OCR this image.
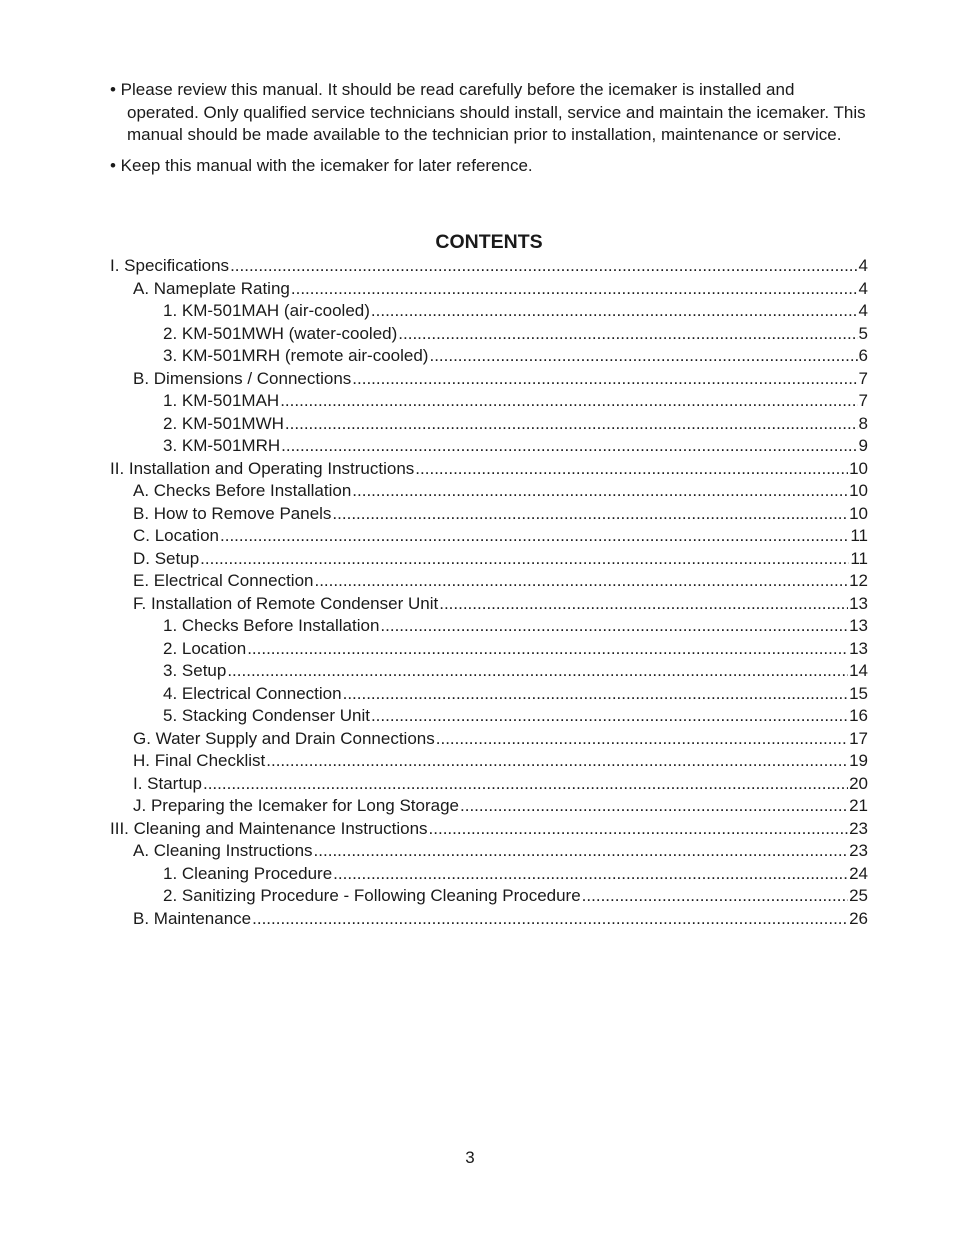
• Please review this manual. It should be read carefully before the icemaker is installed and operated. Only qualified service technicians should install, service and maintain the icemaker. This manual should be made available to the technician prior to installation, maintenance or service.

• Keep this manual with the icemaker for later reference.

CONTENTS
I. Specifications .....	4
A. Nameplate Rating .....	4
1. KM-501MAH (air-cooled) .....	4
2. KM-501MWH (water-cooled) .....	5
3. KM-501MRH (remote air-cooled) .....	6
B. Dimensions / Connections .....	7
1. KM-501MAH .....	7
2. KM-501MWH .....	8
3. KM-501MRH .....	9
II. Installation and Operating Instructions .....	10
A. Checks Before Installation .....	10
B. How to Remove Panels .....	10
C. Location .....	11
D. Setup .....	11
E. Electrical Connection .....	12
F. Installation of Remote Condenser Unit .....	13
1. Checks Before Installation .....	13
2. Location .....	13
3. Setup .....	14
4. Electrical Connection .....	15
5. Stacking Condenser Unit .....	16
G. Water Supply and Drain Connections .....	17
H. Final Checklist .....	19
I. Startup .....	20
J. Preparing the Icemaker for Long Storage .....	21
III. Cleaning and Maintenance Instructions .....	23
A. Cleaning Instructions .....	23
1. Cleaning Procedure .....	24
2. Sanitizing Procedure - Following Cleaning Procedure .....	25
B. Maintenance .....	26
3
